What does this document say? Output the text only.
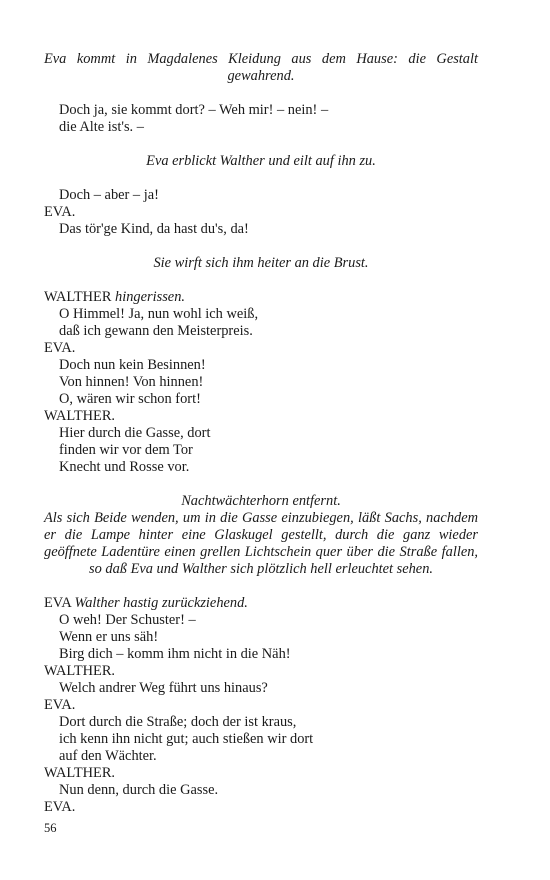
Eva kommt in Magdalenes Kleidung aus dem Hause: die Gestalt gewahrend.
Doch ja, sie kommt dort? – Weh mir! – nein! –
die Alte ist's. –
Eva erblickt Walther und eilt auf ihn zu.
Doch – aber – ja!
EVA.
Das tör'ge Kind, da hast du's, da!
Sie wirft sich ihm heiter an die Brust.
WALTHER hingerissen.
O Himmel! Ja, nun wohl ich weiß,
daß ich gewann den Meisterpreis.
EVA.
Doch nun kein Besinnen!
Von hinnen! Von hinnen!
O, wären wir schon fort!
WALTHER.
Hier durch die Gasse, dort
finden wir vor dem Tor
Knecht und Rosse vor.
Nachtwächterhorn entfernt.
Als sich Beide wenden, um in die Gasse einzubiegen, läßt Sachs, nachdem er die Lampe hinter eine Glaskugel gestellt, durch die ganz wieder geöffnete Ladentüre einen grellen Lichtschein quer über die Straße fallen, so daß Eva und Walther sich plötzlich hell erleuchtet sehen.
EVA Walther hastig zurückziehend.
O weh! Der Schuster! –
Wenn er uns säh!
Birg dich – komm ihm nicht in die Näh!
WALTHER.
Welch andrer Weg führt uns hinaus?
EVA.
Dort durch die Straße; doch der ist kraus,
ich kenn ihn nicht gut; auch stießen wir dort
auf den Wächter.
WALTHER.
Nun denn, durch die Gasse.
EVA.
56
